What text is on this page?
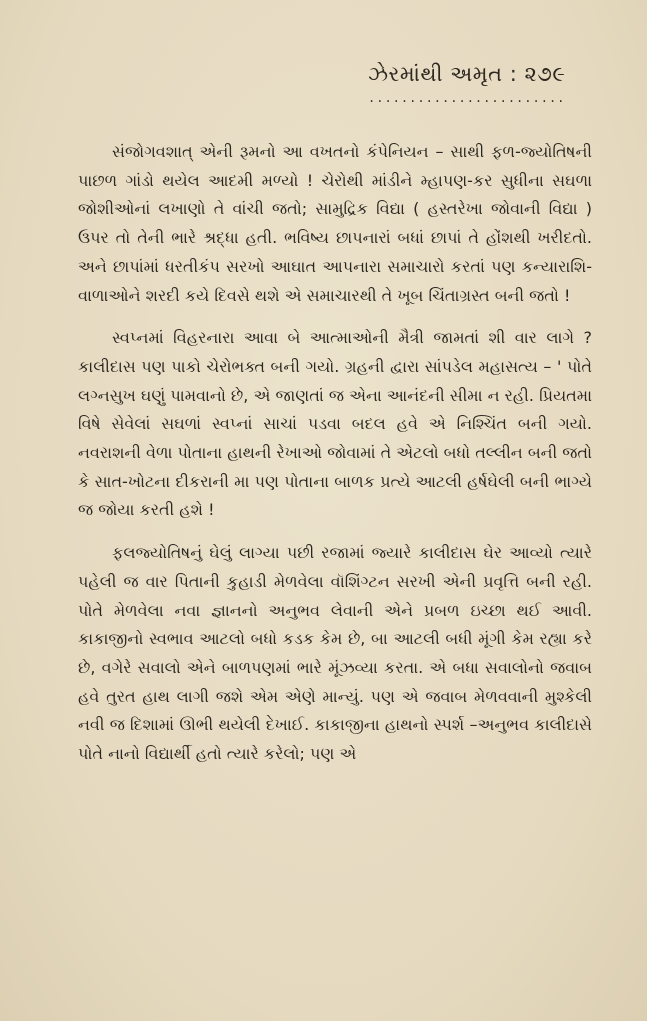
ઝેરમાંથી અમૃત : ૨૭૯
........................

સંજોગવશાત્ એની રૂમનો આ વખતનો કંપેનિયન – સાથી ફળ-જ્યોતિષની પાછળ ગાંડો થયેલ આદમી મળ્યો ! ચેરોથી માંડીને મ્હાપણ-કર સુધીના સઘળા જોશીઓનાં લખાણો તે વાંચી જતો; સામુદ્રિક વિદ્યા ( હસ્તરેખા જોવાની વિદ્યા ) ઉપર તો તેની ભારે શ્રદ્ધા હતી. ભવિષ્ય છાપનારાં બધાં છાપાં તે હોંશથી ખરીદતો. અને છાપાંમાં ધરતીકંપ સરખો આઘાત આપનારા સમાચારો કરતાં પણ કન્યારાશિ-વાળાઓને શરદી કયે દિવસે થશે એ સમાચારથી તે ખૂબ ચિંતાગ્રસ્ત બની જતો !

સ્વપ્નમાં વિહરનારા આવા બે આત્માઓની મૈત્રી જામતાં શી વાર લાગે ? કાલીદાસ પણ પાકો ચેરોભક્ત બની ગયો. ગ્રહની દ્વારા સાંપડેલ મહાસત્ય – ' પોતે લગ્નસુખ ઘણું પામવાનો છે, એ જાણતાં જ એના આનંદની સીમા ન રહી. પ્રિયતમા વિષે સેવેલાં સઘળાં સ્વપ્નાં સાચાં પડવા બદલ હવે એ નિશ્ચિંત બની ગયો. નવરાશની વેળા પોતાના હાથની રેખાઓ જોવામાં તે એટલો બધો તલ્લીન બની જતો કે સાત-ખોટના દીકરાની મા પણ પોતાના બાળક પ્રત્યે આટલી હર્ષઘેલી બની ભાગ્યે જ જોયા કરતી હશે !

ફલજ્યોતિષનું ઘેલું લાગ્યા પછી રજામાં જ્યારે કાલીદાસ ઘેર આવ્યો ત્યારે પહેલી જ વાર પિતાની કુહાડી મેળવેલા વૉશિંગ્ટન સરખી એની પ્રવૃત્તિ બની રહી. પોતે મેળવેલા નવા જ્ઞાનનો અનુભવ લેવાની એને પ્રબળ ઇચ્છા થઈ આવી. કાકાજીનો સ્વભાવ આટલો બધો કડક કેમ છે, બા આટલી બધી મૂંગી કેમ રહ્યા કરે છે, વગેરે સવાલો એને બાળપણમાં ભારે મૂંઝવ્યા કરતા. એ બધા સવાલોનો જવાબ હવે તુરત હાથ લાગી જશે એમ એણે માન્યું. પણ એ જવાબ મેળવવાની મુશ્કેલી નવી જ દિશામાં ઊભી થયેલી દેખાઈ. કાકાજીના હાથનો સ્પર્શ –અનુભવ કાલીદાસે પોતે નાનો વિદ્યાર્થી હતો ત્યારે કરેલો; પણ એ
